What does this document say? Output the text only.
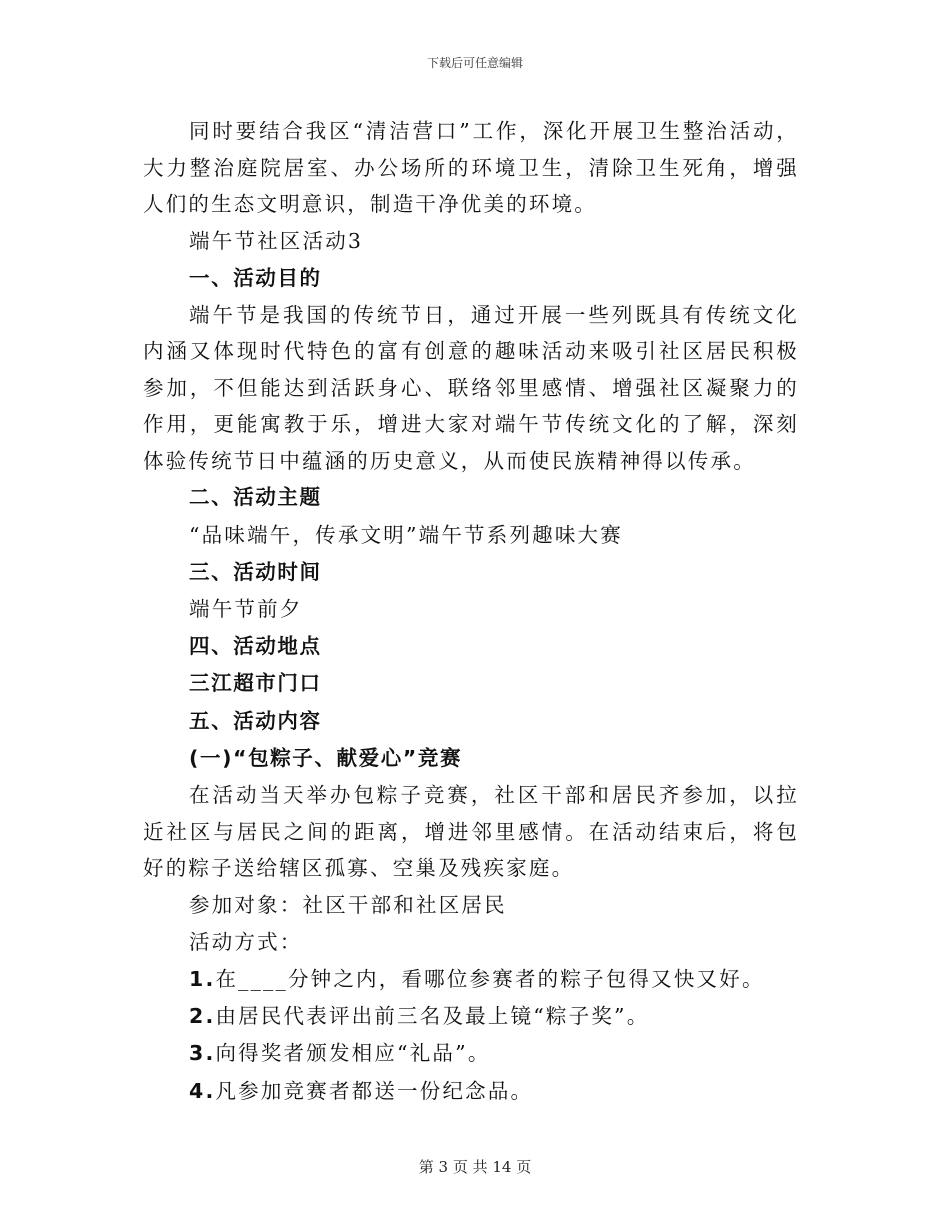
下载后可任意编辑

同时要结合我区“清洁营口”工作，深化开展卫生整治活动，大力整治庭院居室、办公场所的环境卫生，清除卫生死角，增强人们的生态文明意识，制造干净优美的环境。

端午节社区活动3
一、活动目的

端午节是我国的传统节日，通过开展一些列既具有传统文化内涵又体现时代特色的富有创意的趣味活动来吸引社区居民积极参加，不但能达到活跃身心、联络邻里感情、增强社区凝聚力的作用，更能寓教于乐，增进大家对端午节传统文化的了解，深刻体验传统节日中蕴涵的历史意义，从而使民族精神得以传承。

二、活动主题
“品味端午，传承文明”端午节系列趣味大赛
三、活动时间
端午节前夕
四、活动地点
三江超市门口
五、活动内容
(一)“包粽子、献爱心”竞赛

在活动当天举办包粽子竞赛，社区干部和居民齐参加，以拉近社区与居民之间的距离，增进邻里感情。在活动结束后，将包好的粽子送给辖区孤寡、空巢及残疾家庭。

参加对象：社区干部和社区居民
活动方式：
1.在____分钟之内，看哪位参赛者的粽子包得又快又好。
2.由居民代表评出前三名及最上镜“粽子奖”。
3.向得奖者颁发相应“礼品”。
4.凡参加竞赛者都送一份纪念品。
第 3 页 共 14 页
